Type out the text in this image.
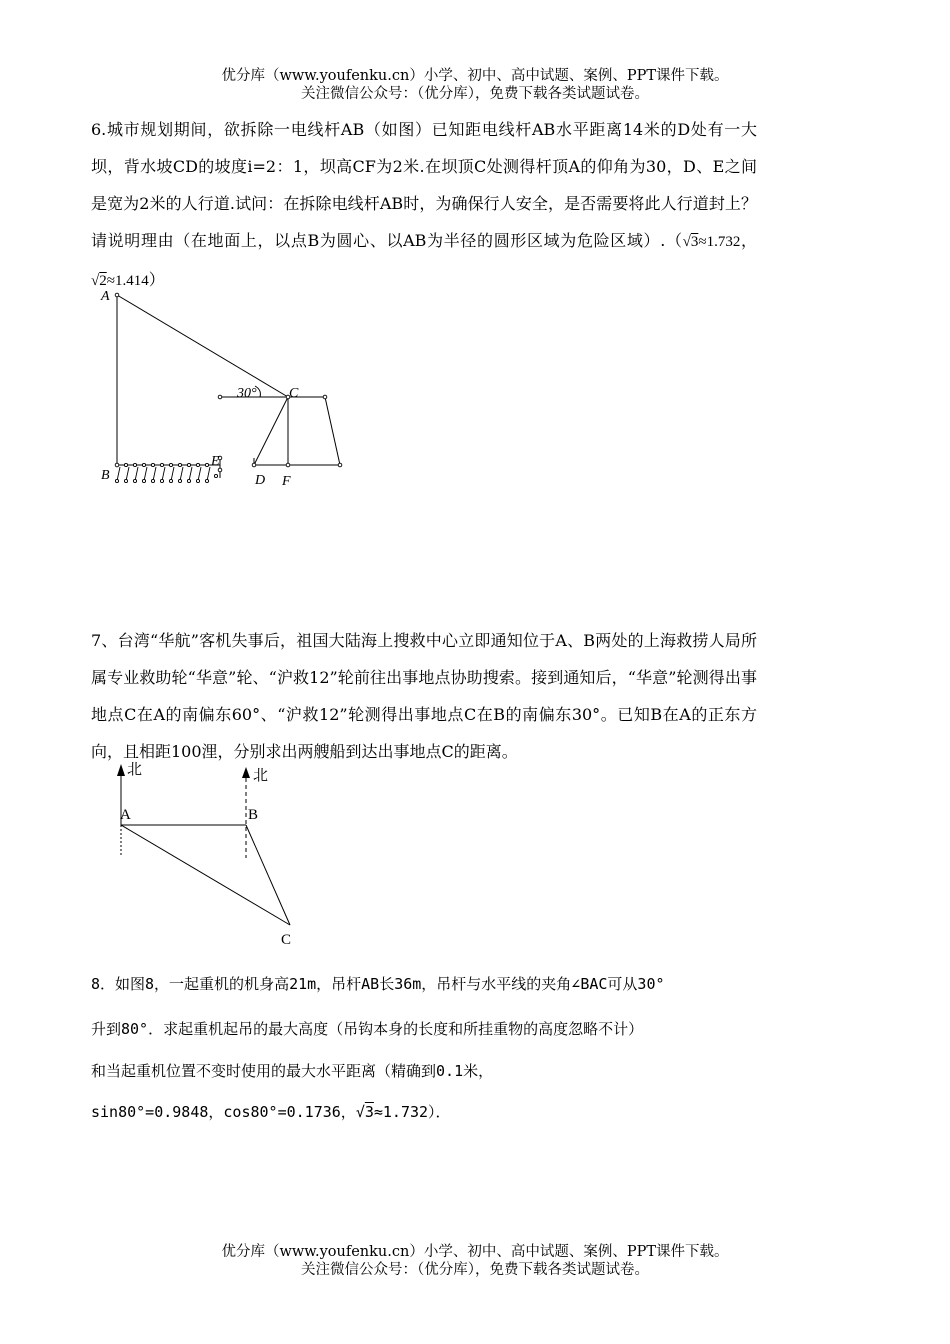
优分库（www.youfenku.cn）小学、初中、高中试题、案例、PPT课件下载。
关注微信公众号：（优分库），免费下载各类试题试卷。
6.城市规划期间，欲拆除一电线杆AB（如图）已知距电线杆AB水平距离14米的D处有一大坝，背水坡CD的坡度i=2：1，坝高CF为2米.在坝顶C处测得杆顶A的仰角为30，D、E之间是宽为2米的人行道.试问：在拆除电线杆AB时，为确保行人安全，是否需要将此人行道封上？请说明理由（在地面上，以点B为圆心、以AB为半径的圆形区域为危险区域）.（√3≈1.732，√2≈1.414）
A
B
C
D
E
F
30°
7、台湾“华航”客机失事后，祖国大陆海上搜救中心立即通知位于A、B两处的上海救捞人局所属专业救助轮“华意”轮、“沪救12”轮前往出事地点协助搜索。接到通知后，“华意”轮测得出事地点C在A的南偏东60°、“沪救12”轮测得出事地点C在B的南偏东30°。已知B在A的正东方向，且相距100浬，分别求出两艘船到达出事地点C的距离。
北	北
A	B
C
8．如图8，一起重机的机身高21m，吊杆AB长36m，吊杆与水平线的夹角∠BAC可从30°
升到80°．求起重机起吊的最大高度（吊钩本身的长度和所挂重物的高度忽略不计）
和当起重机位置不变时使用的最大水平距离（精确到0.1米，
sin80°=0.9848，cos80°=0.1736，√3≈1.732）．
优分库（www.youfenku.cn）小学、初中、高中试题、案例、PPT课件下载。
关注微信公众号：（优分库），免费下载各类试题试卷。
